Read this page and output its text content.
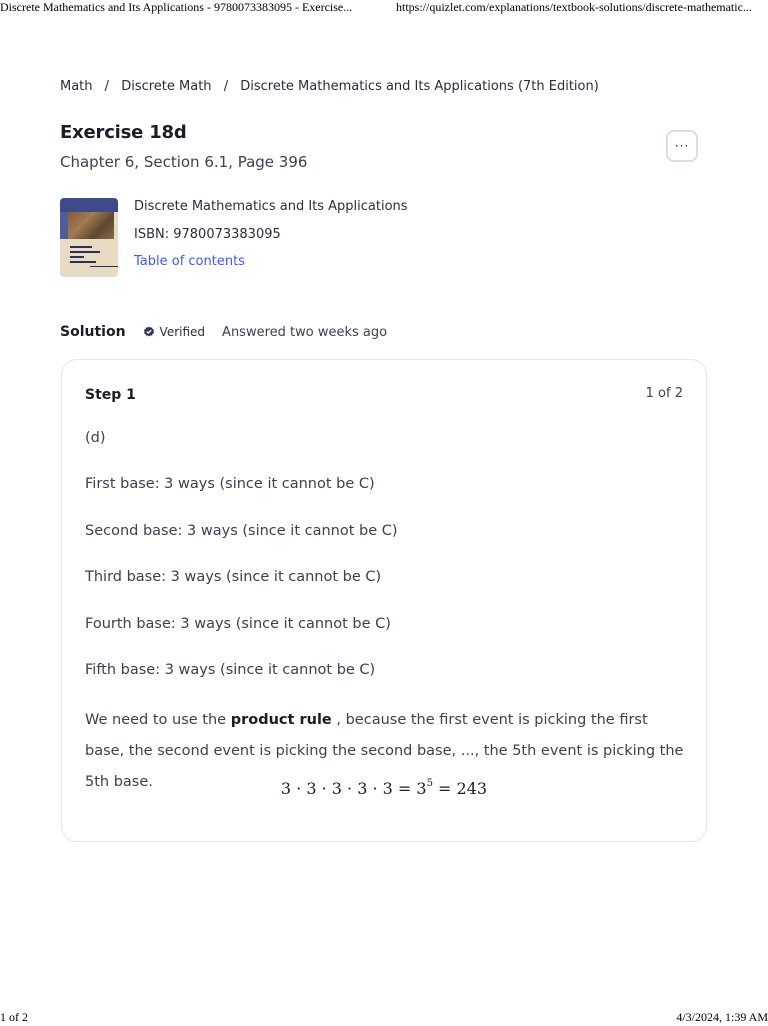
Discrete Mathematics and Its Applications - 9780073383095 - Exercise...	https://quizlet.com/explanations/textbook-solutions/discrete-mathematic...
Math / Discrete Math / Discrete Mathematics and Its Applications (7th Edition)
Exercise 18d
Chapter 6, Section 6.1, Page 396
···
Discrete Mathematics and Its Applications
ISBN: 9780073383095
Table of contents
Solution	Verified Answered two weeks ago
Step 1	1 of 2
(d)
First base: 3 ways (since it cannot be C)
Second base: 3 ways (since it cannot be C)
Third base: 3 ways (since it cannot be C)
Fourth base: 3 ways (since it cannot be C)
Fifth base: 3 ways (since it cannot be C)
We need to use the product rule , because the first event is picking the first base, the second event is picking the second base, ..., the 5th event is picking the 5th base.	$3 \cdot 3 \cdot 3 \cdot 3 \cdot 3 = 3^5 = 243$
1 of 2	4/3/2024, 1:39 AM
